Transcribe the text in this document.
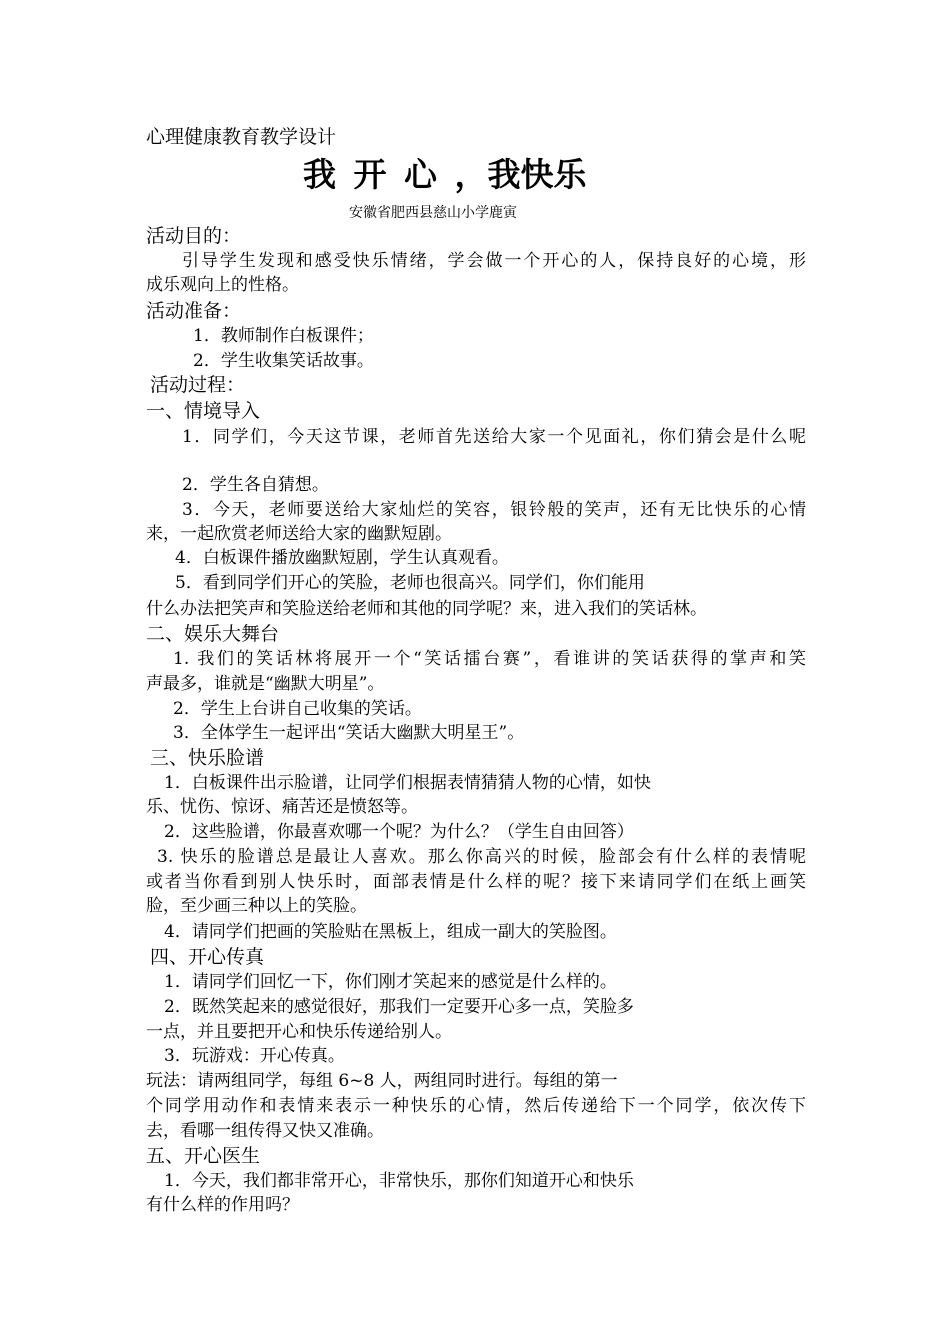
心理健康教育教学设计
我 开 心 ，我快乐
安徽省肥西县慈山小学鹿寅
活动目的：
引导学生发现和感受快乐情绪，学会做一个开心的人，保持良好的心境，形
成乐观向上的性格。
活动准备：
1．教师制作白板课件；
2．学生收集笑话故事。
活动过程：
一、情境导入
1．同学们，今天这节课，老师首先送给大家一个见面礼，你们猜会是什么呢
2．学生各自猜想。
3．今天，老师要送给大家灿烂的笑容，银铃般的笑声，还有无比快乐的心情
来，一起欣赏老师送给大家的幽默短剧。
4．白板课件播放幽默短剧，学生认真观看。
5．看到同学们开心的笑脸，老师也很高兴。同学们，你们能用
什么办法把笑声和笑脸送给老师和其他的同学呢？来，进入我们的笑话林。
二、娱乐大舞台
1. 我们的笑话林将展开一个“笑话擂台赛”，看谁讲的笑话获得的掌声和笑
声最多，谁就是“幽默大明星”。
2．学生上台讲自己收集的笑话。
3．全体学生一起评出“笑话大幽默大明星王”。
三、快乐脸谱
1．白板课件出示脸谱，让同学们根据表情猜猜人物的心情，如快
乐、忧伤、惊讶、痛苦还是愤怒等。
2．这些脸谱，你最喜欢哪一个呢？为什么？（学生自由回答）
3. 快乐的脸谱总是最让人喜欢。那么你高兴的时候，脸部会有什么样的表情呢
或者当你看到别人快乐时，面部表情是什么样的呢？接下来请同学们在纸上画笑
脸，至少画三种以上的笑脸。
4．请同学们把画的笑脸贴在黑板上，组成一副大的笑脸图。
四、开心传真
1．请同学们回忆一下，你们刚才笑起来的感觉是什么样的。
2．既然笑起来的感觉很好，那我们一定要开心多一点，笑脸多
一点，并且要把开心和快乐传递给别人。
3．玩游戏：开心传真。
玩法：请两组同学，每组 6~8 人，两组同时进行。每组的第一
个同学用动作和表情来表示一种快乐的心情，然后传递给下一个同学，依次传下
去，看哪一组传得又快又准确。
五、开心医生
1．今天，我们都非常开心，非常快乐，那你们知道开心和快乐
有什么样的作用吗？
